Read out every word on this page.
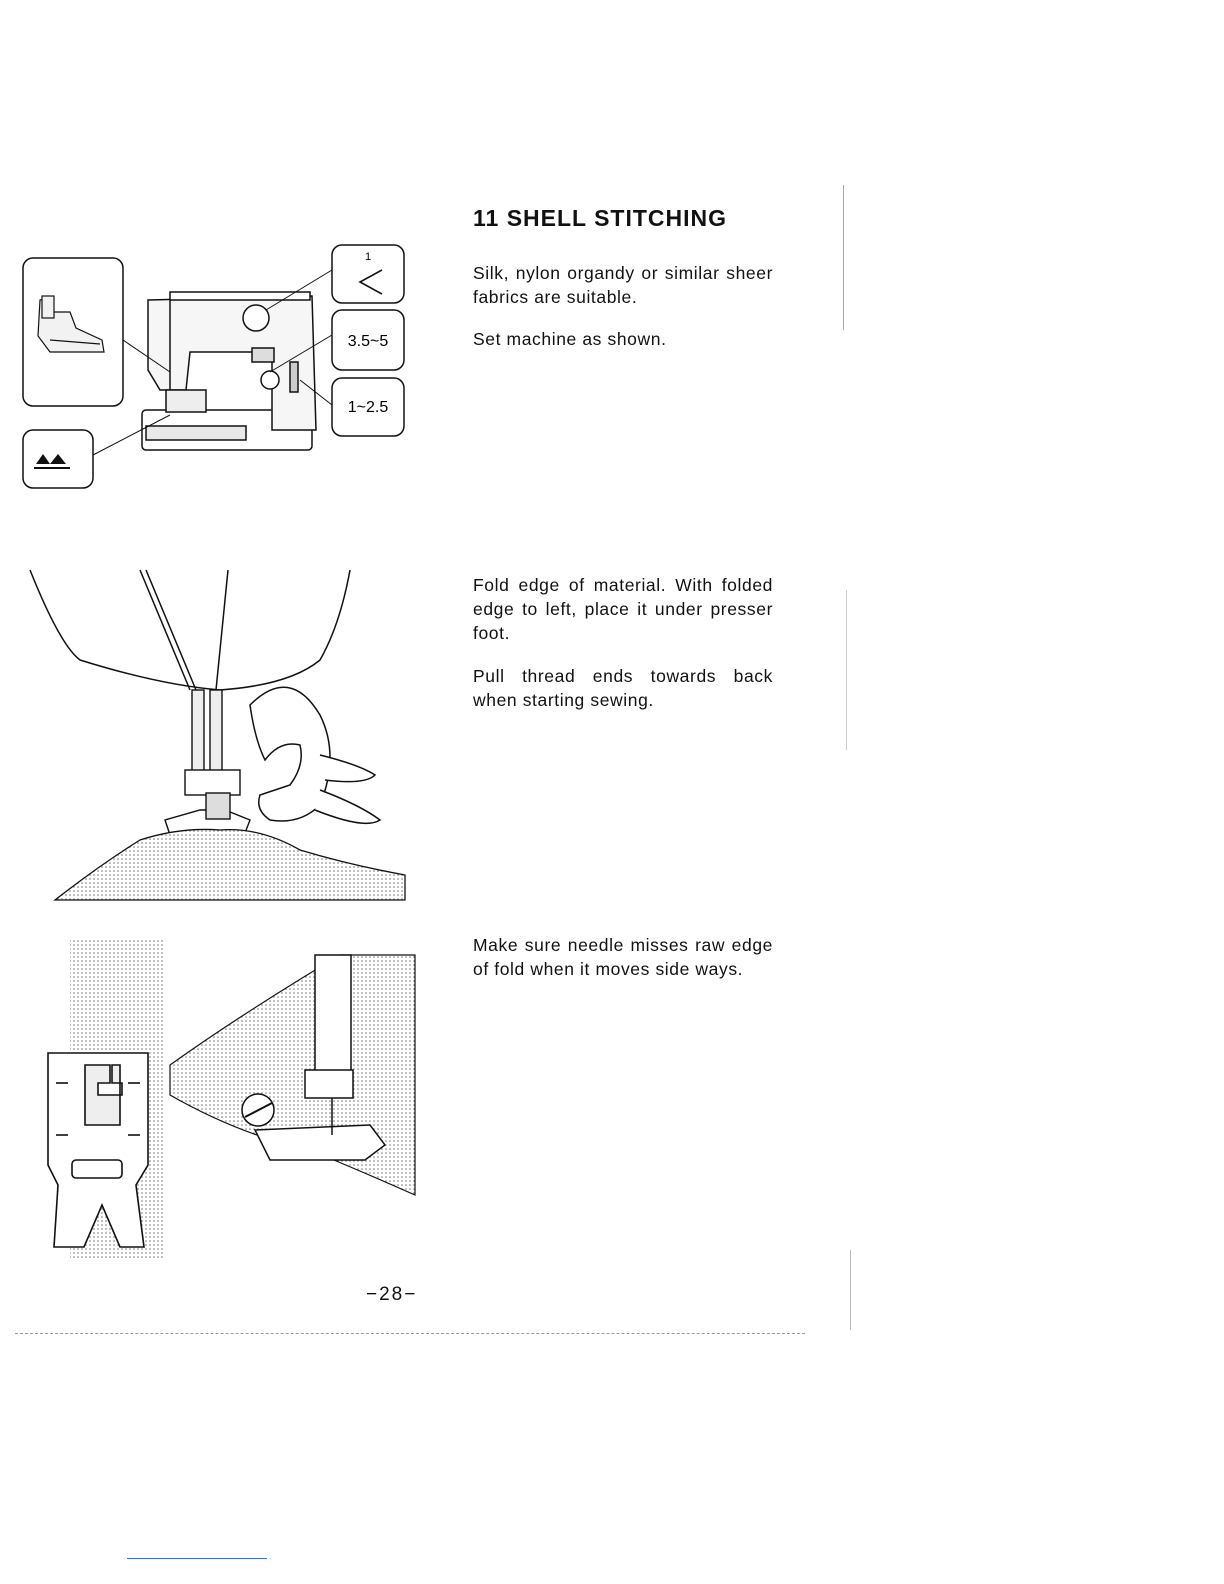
11 SHELL STITCHING

Silk, nylon organdy or similar sheer fabrics are suitable.

Set machine as shown.

Fold edge of material. With folded edge to left, place it under presser foot.

Pull thread ends towards back when starting sewing.

Make sure needle misses raw edge of fold when it moves side ways.

1
3.5~5
1~2.5
−28−
